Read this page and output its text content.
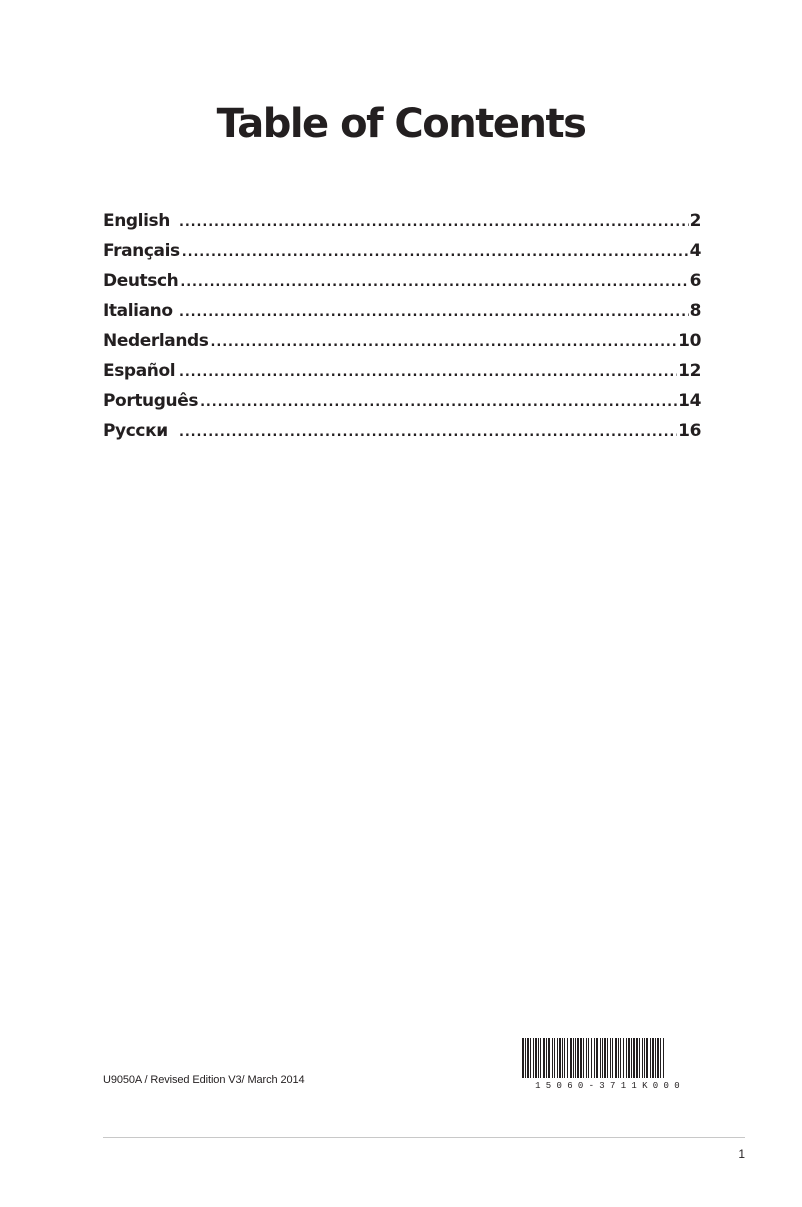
Table of Contents
English .....	2
Français .....	4
Deutsch .....	6
Italiano .....	8
Nederlands .....	10
Español .....	12
Português .....	14
Русски .....	16
U9050A / Revised Edition V3/ March 2014	15060-3711K000
1
